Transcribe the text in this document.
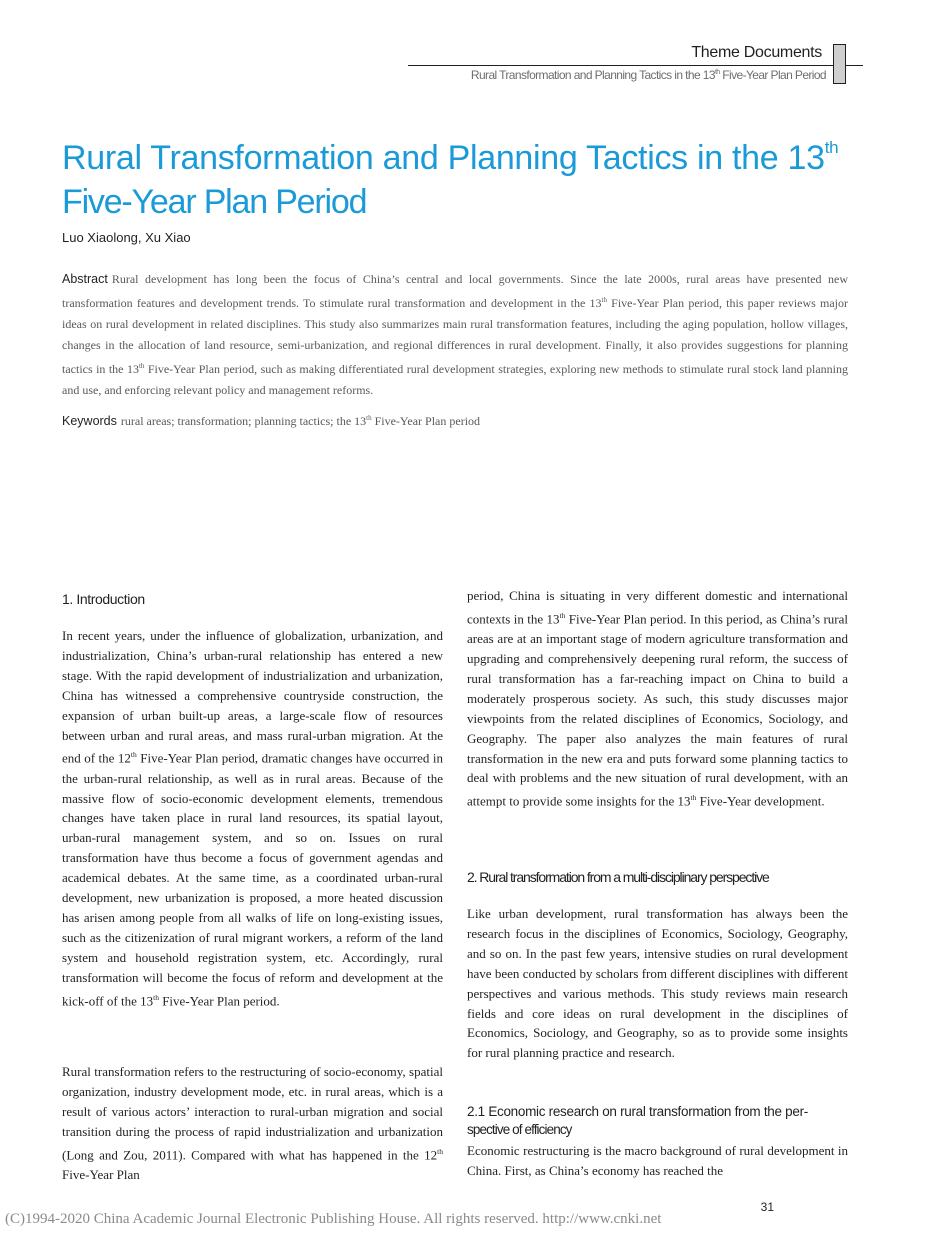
Theme Documents
Rural Transformation and Planning Tactics in the 13th Five-Year Plan Period
Rural Transformation and Planning Tactics in the 13th
Five-Year Plan Period
Luo Xiaolong, Xu Xiao
Abstract Rural development has long been the focus of China’s central and local governments. Since the late 2000s, rural areas have presented new transformation features and development trends. To stimulate rural transformation and development in the 13th Five-Year Plan period, this paper reviews major ideas on rural development in related disciplines. This study also summarizes main rural transformation features, including the aging population, hollow villages, changes in the allocation of land resource, semi-urbanization, and regional differences in rural development. Finally, it also provides suggestions for planning tactics in the 13th Five-Year Plan period, such as making differentiated rural development strategies, exploring new methods to stimulate rural stock land planning and use, and enforcing relevant policy and management reforms.
Keywords rural areas; transformation; planning tactics; the 13th Five-Year Plan period
1. Introduction

In recent years, under the influence of globalization, urbanization, and industrialization, China’s urban-rural relationship has entered a new stage. With the rapid development of industrialization and urbanization, China has witnessed a comprehensive countryside construction, the expansion of urban built-up areas, a large-scale flow of resources between urban and rural areas, and mass rural-urban migration. At the end of the 12th Five-Year Plan period, dramatic changes have occurred in the urban-rural relationship, as well as in rural areas. Because of the massive flow of socio-economic development elements, tremendous changes have taken place in rural land resources, its spatial layout, urban-rural management system, and so on. Issues on rural transformation have thus become a focus of government agendas and academical debates. At the same time, as a coordinated urban-rural development, new urbanization is proposed, a more heated discussion has arisen among people from all walks of life on long-existing issues, such as the citizenization of rural migrant workers, a reform of the land system and household registration system, etc. Accordingly, rural transformation will become the focus of reform and development at the kick-off of the 13th Five-Year Plan period.

Rural transformation refers to the restructuring of socio-economy, spatial organization, industry development mode, etc. in rural areas, which is a result of various actors’ interaction to rural-urban migration and social transition during the process of rapid industrialization and urbanization (Long and Zou, 2011). Compared with what has happened in the 12th Five-Year Plan

period, China is situating in very different domestic and international contexts in the 13th Five-Year Plan period. In this period, as China’s rural areas are at an important stage of modern agriculture transformation and upgrading and comprehensively deepening rural reform, the success of rural transformation has a far-reaching impact on China to build a moderately prosperous society. As such, this study discusses major viewpoints from the related disciplines of Economics, Sociology, and Geography. The paper also analyzes the main features of rural transformation in the new era and puts forward some planning tactics to deal with problems and the new situation of rural development, with an attempt to provide some insights for the 13th Five-Year development.

2. Rural transformation from a multi-disciplinary perspective

Like urban development, rural transformation has always been the research focus in the disciplines of Economics, Sociology, Geography, and so on. In the past few years, intensive studies on rural development have been conducted by scholars from different disciplines with different perspectives and various methods. This study reviews main research fields and core ideas on rural development in the disciplines of Economics, Sociology, and Geography, so as to provide some insights for rural planning practice and research.

2.1 Economic research on rural transformation from the per-
spective of efficiency

Economic restructuring is the macro background of rural development in China. First, as China’s economy has reached the

31
(C)1994-2020 China Academic Journal Electronic Publishing House. All rights reserved. http://www.cnki.net
